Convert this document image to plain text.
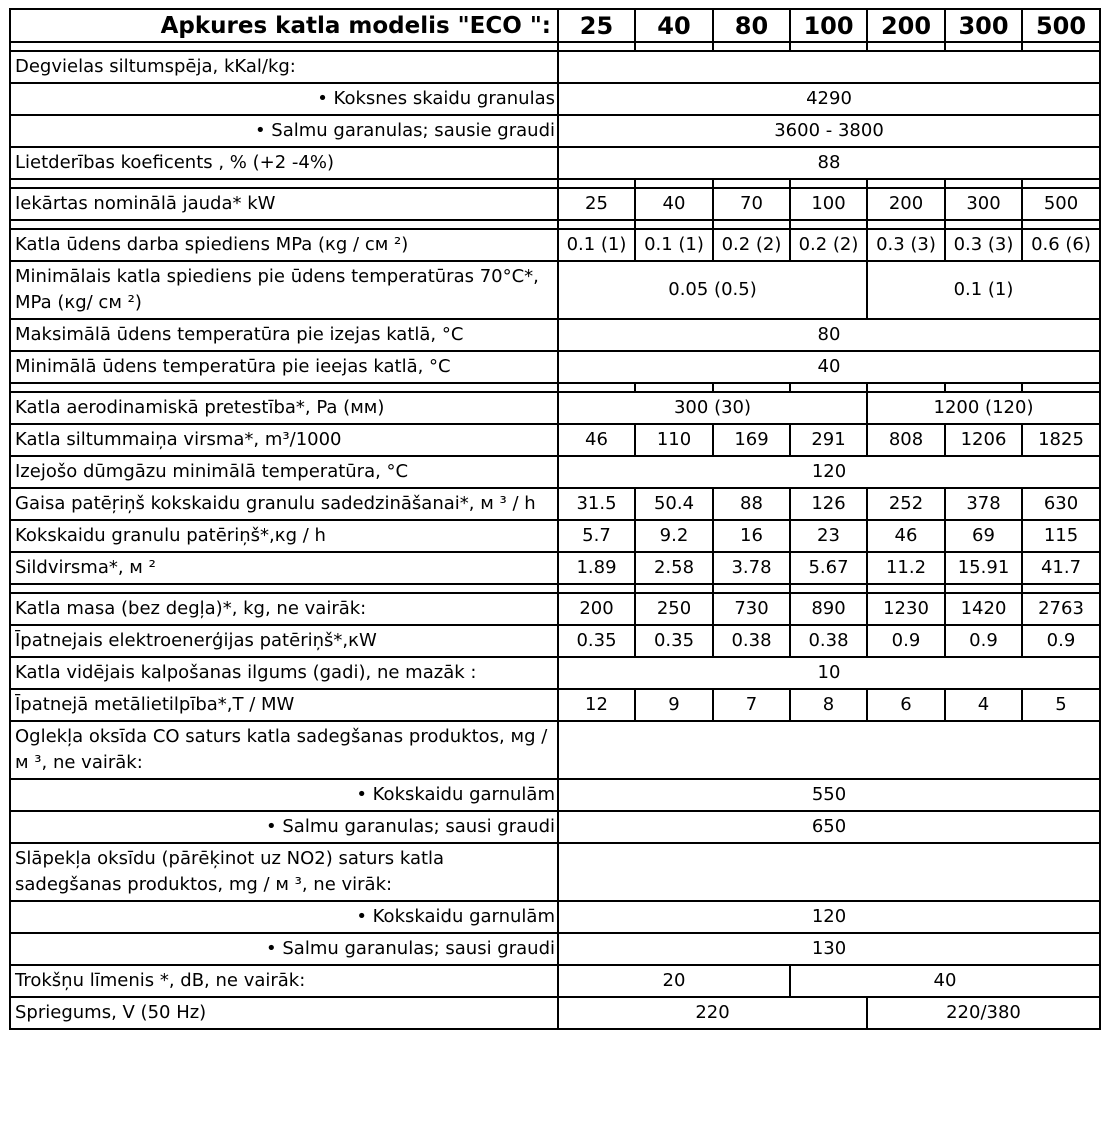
Apkures katla modelis "ECO ":	25	40	80	100	200	300	500

Degvielas siltumspēja, kKal/kg:							
• Koksnes skaidu granulas	4290						
• Salmu garanulas; sausie graudi	3600 - 3800						
Lietderības koeficents , % (+2 -4%)	88						

Iekārtas nominālā jauda* kW	25	40	70	100	200	300	500

Katla ūdens darba spiediens MPa (кg / см ²)	0.1 (1)	0.1 (1)	0.2 (2)	0.2 (2)	0.3 (3)	0.3 (3)	0.6 (6)
Minimālais katla spiediens pie ūdens temperatūras 70°C*, MPa (кg/ см ²)	0.05 (0.5)				0.1 (1)		
Maksimālā ūdens temperatūra pie izejas katlā, °C	80						
Minimālā ūdens temperatūra pie ieejas katlā, °C	40						

Katla aerodinamiskā pretestība*, Pa (мм)	300 (30)				1200 (120)		
Katla siltummaiņa virsma*, m³/1000	46	110	169	291	808	1206	1825
Izejošo dūmgāzu minimālā temperatūra, °C	120						
Gaisa patēŗiņš kokskaidu granulu sadedzināšanai*, м ³ / h	31.5	50.4	88	126	252	378	630
Kokskaidu granulu patēriņš*,кg / h	5.7	9.2	16	23	46	69	115
Sildvirsma*, м ²	1.89	2.58	3.78	5.67	11.2	15.91	41.7

Katla masa (bez degļa)*, kg, ne vairāk:	200	250	730	890	1230	1420	2763
Īpatnejais elektroenerģijas patēriņš*,кW	0.35	0.35	0.38	0.38	0.9	0.9	0.9
Katla vidējais kalpošanas ilgums (gadi), ne mazāk :	10						
Īpatnejā metālietilpība*,T / MW	12	9	7	8	6	4	5
Oglekļa oksīda CO saturs katla sadegšanas produktos, мg / м ³, ne vairāk:							
• Kokskaidu garnulām	550						
• Salmu garanulas; sausi graudi	650						
Slāpekļa oksīdu (pārēķinot uz NO2) saturs katla sadegšanas produktos, mg / м ³, ne virāk:							
• Kokskaidu garnulām	120						
• Salmu garanulas; sausi graudi	130						
Trokšņu līmenis *, dB, ne vairāk:	20			40			
Spriegums, V (50 Hz)	220				220/380		
